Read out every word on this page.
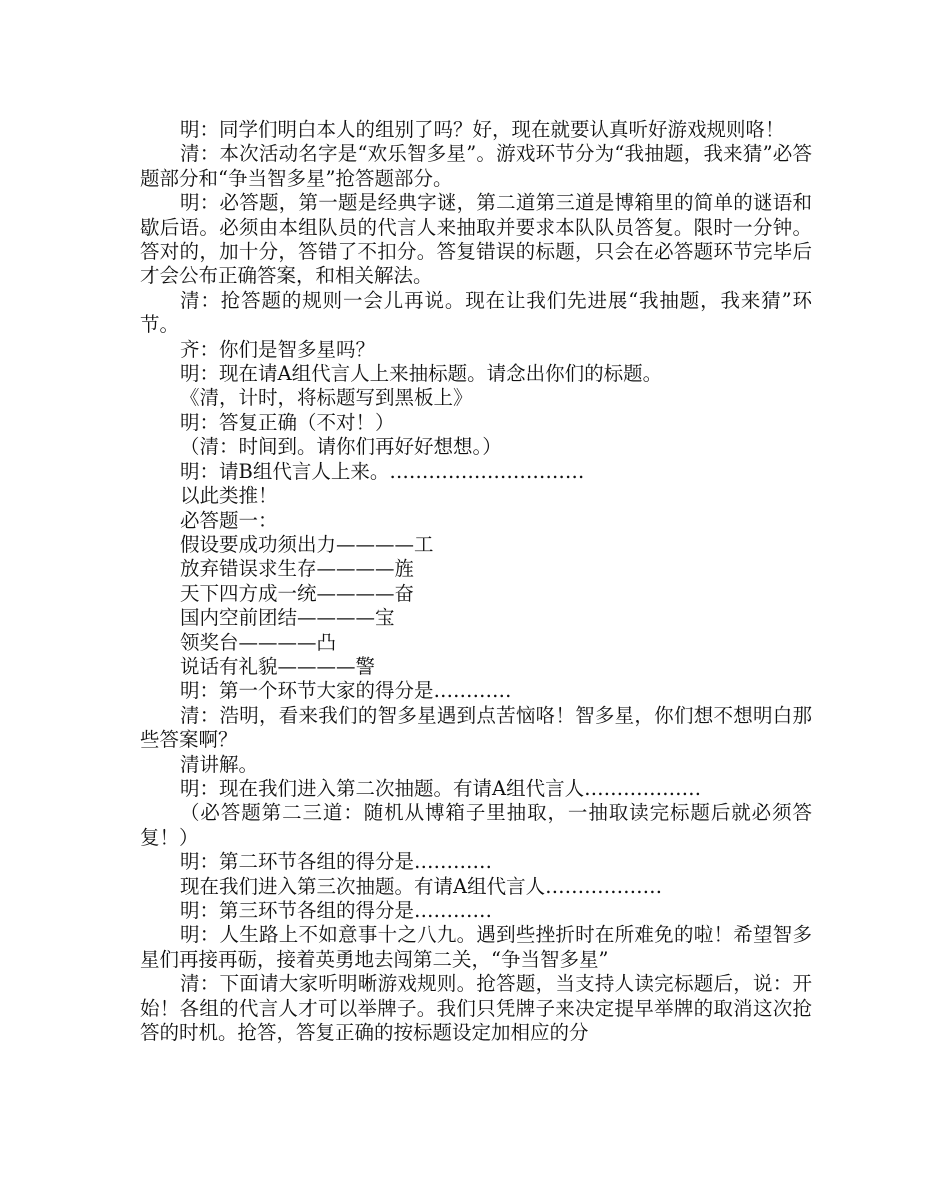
明：同学们明白本人的组别了吗？好，现在就要认真听好游戏规则咯！

清：本次活动名字是“欢乐智多星”。游戏环节分为“我抽题，我来猜”必答题部分和“争当智多星”抢答题部分。

明：必答题，第一题是经典字谜，第二道第三道是博箱里的简单的谜语和歇后语。必须由本组队员的代言人来抽取并要求本队队员答复。限时一分钟。答对的，加十分，答错了不扣分。答复错误的标题，只会在必答题环节完毕后才会公布正确答案，和相关解法。

清：抢答题的规则一会儿再说。现在让我们先进展“我抽题，我来猜”环节。

齐：你们是智多星吗？

明：现在请A组代言人上来抽标题。请念出你们的标题。

《清，计时，将标题写到黑板上》

明：答复正确（不对！）

（清：时间到。请你们再好好想想。）

明：请B组代言人上来。…………………………

以此类推！

必答题一：

假设要成功须出力————工

放弃错误求生存————旌

天下四方成一统————奋

国内空前团结————宝

领奖台————凸

说话有礼貌————警

明：第一个环节大家的得分是…………

清：浩明，看来我们的智多星遇到点苦恼咯！智多星，你们想不想明白那些答案啊？

清讲解。

明：现在我们进入第二次抽题。有请A组代言人………………

（必答题第二三道：随机从博箱子里抽取，一抽取读完标题后就必须答复！）

明：第二环节各组的得分是…………

现在我们进入第三次抽题。有请A组代言人………………

明：第三环节各组的得分是…………

明：人生路上不如意事十之八九。遇到些挫折时在所难免的啦！希望智多星们再接再砺，接着英勇地去闯第二关，“争当智多星”

清：下面请大家听明晰游戏规则。抢答题，当支持人读完标题后，说：开始！各组的代言人才可以举牌子。我们只凭牌子来决定提早举牌的取消这次抢答的时机。抢答，答复正确的按标题设定加相应的分
